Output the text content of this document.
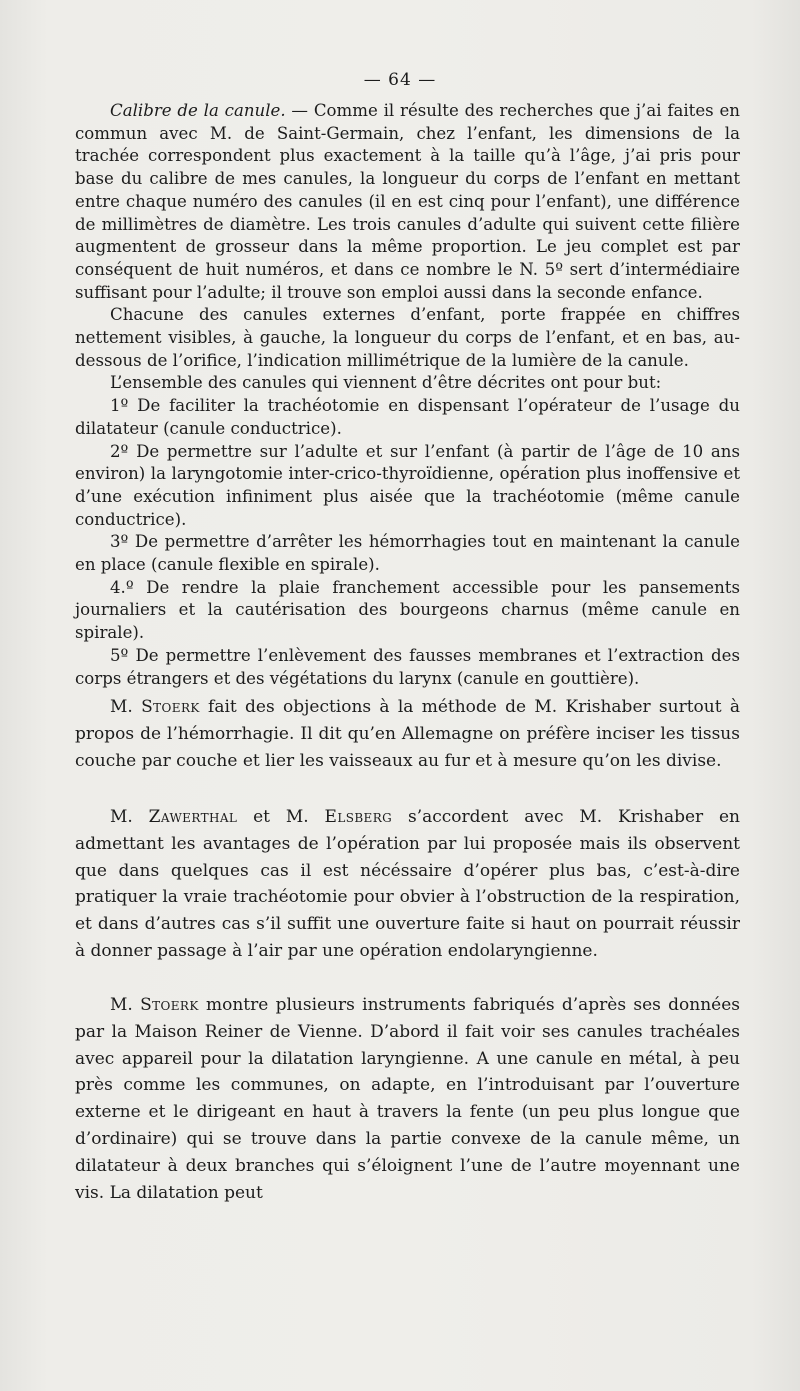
— 64 —

Calibre de la canule. — Comme il résulte des recherches que j’ai faites en commun avec M. de Saint-Germain, chez l’enfant, les dimensions de la trachée correspondent plus exactement à la taille qu’à l’âge, j’ai pris pour base du calibre de mes canules, la longueur du corps de l’enfant en mettant entre chaque numéro des canules (il en est cinq pour l’enfant), une différence de millimètres de diamètre. Les trois canules d’adulte qui suivent cette filière augmentent de grosseur dans la même proportion. Le jeu complet est par conséquent de huit numéros, et dans ce nombre le N. 5º sert d’intermédiaire suffisant pour l’adulte; il trouve son emploi aussi dans la seconde enfance.

Chacune des canules externes d’enfant, porte frappée en chiffres nettement visibles, à gauche, la longueur du corps de l’enfant, et en bas, au-dessous de l’orifice, l’indication millimétrique de la lumière de la canule.

L’ensemble des canules qui viennent d’être décrites ont pour but:

1º De faciliter la trachéotomie en dispensant l’opérateur de l’usage du dilatateur (canule conductrice).

2º De permettre sur l’adulte et sur l’enfant (à partir de l’âge de 10 ans environ) la laryngotomie inter-crico-thyroïdienne, opération plus inoffensive et d’une exécution infiniment plus aisée que la trachéotomie (même canule conductrice).

3º De permettre d’arrêter les hémorrhagies tout en maintenant la canule en place (canule flexible en spirale).

4.º De rendre la plaie franchement accessible pour les pansements journaliers et la cautérisation des bourgeons charnus (même canule en spirale).

5º De permettre l’enlèvement des fausses membranes et l’extraction des corps étrangers et des végétations du larynx (canule en gouttière).

M. Stoerk fait des objections à la méthode de M. Krishaber surtout à propos de l’hémorrhagie. Il dit qu’en Allemagne on préfère inciser les tissus couche par couche et lier les vaisseaux au fur et à mesure qu’on les divise.

M. Zawerthal et M. Elsberg s’accordent avec M. Krishaber en admettant les avantages de l’opération par lui proposée mais ils observent que dans quelques cas il est nécéssaire d’opérer plus bas, c’est-à-dire pratiquer la vraie trachéotomie pour obvier à l’obstruction de la respiration, et dans d’autres cas s’il suffit une ouverture faite si haut on pourrait réussir à donner passage à l’air par une opération endolaryngienne.

M. Stoerk montre plusieurs instruments fabriqués d’après ses données par la Maison Reiner de Vienne. D’abord il fait voir ses canules trachéales avec appareil pour la dilatation laryngienne. A une canule en métal, à peu près comme les communes, on adapte, en l’introduisant par l’ouverture externe et le dirigeant en haut à travers la fente (un peu plus longue que d’ordinaire) qui se trouve dans la partie convexe de la canule même, un dilatateur à deux branches qui s’éloignent l’une de l’autre moyennant une vis. La dilatation peut
